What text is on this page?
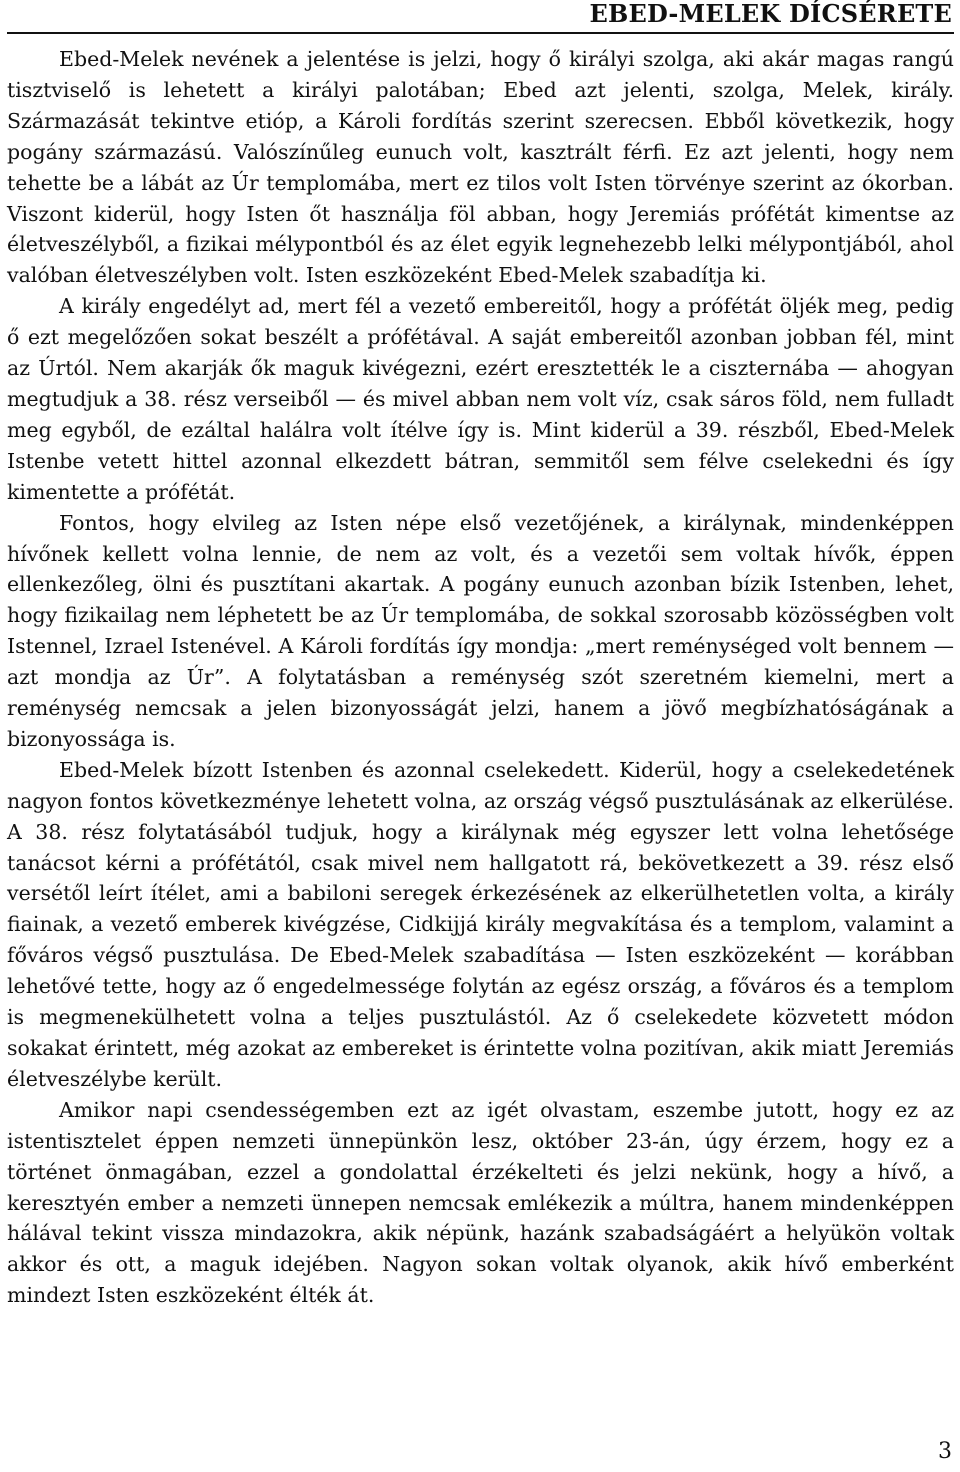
EBED-MELEK DÍCSÉRETE

Ebed-Melek nevének a jelentése is jelzi, hogy ő királyi szolga, aki akár magas rangú tisztviselő is lehetett a királyi palotában; Ebed azt jelenti, szolga, Melek, király. Származását tekintve etióp, a Károli fordítás szerint szerecsen. Ebből következik, hogy pogány származású. Valószínűleg eunuch volt, kasztrált férfi. Ez azt jelenti, hogy nem tehette be a lábát az Úr templomába, mert ez tilos volt Isten törvénye szerint az ókorban. Viszont kiderül, hogy Isten őt használja föl abban, hogy Jeremiás prófétát kimentse az életveszélyből, a fizikai mélypontból és az élet egyik legnehezebb lelki mélypontjából, ahol valóban életveszélyben volt. Isten eszközeként Ebed-Melek szabadítja ki.

A király engedélyt ad, mert fél a vezető embereitől, hogy a prófétát öljék meg, pedig ő ezt megelőzően sokat beszélt a prófétával. A saját embereitől azonban jobban fél, mint az Úrtól. Nem akarják ők maguk kivégezni, ezért eresztették le a ciszternába — ahogyan megtudjuk a 38. rész verseiből — és mivel abban nem volt víz, csak sáros föld, nem fulladt meg egyből, de ezáltal halálra volt ítélve így is. Mint kiderül a 39. részből, Ebed-Melek Istenbe vetett hittel azonnal elkezdett bátran, semmitől sem félve cselekedni és így kimentette a prófétát.

Fontos, hogy elvileg az Isten népe első vezetőjének, a királynak, mindenképpen hívőnek kellett volna lennie, de nem az volt, és a vezetői sem voltak hívők, éppen ellenkezőleg, ölni és pusztítani akartak. A pogány eunuch azonban bízik Istenben, lehet, hogy fizikailag nem léphetett be az Úr templomába, de sokkal szorosabb közösségben volt Istennel, Izrael Istenével. A Károli fordítás így mondja: „mert reménységed volt bennem — azt mondja az Úr”. A folytatásban a reménység szót szeretném kiemelni, mert a reménység nemcsak a jelen bizonyosságát jelzi, hanem a jövő megbízhatóságának a bizonyossága is.

Ebed-Melek bízott Istenben és azonnal cselekedett. Kiderül, hogy a cselekedetének nagyon fontos következménye lehetett volna, az ország végső pusztulásának az elkerülése. A 38. rész folytatásából tudjuk, hogy a királynak még egyszer lett volna lehetősége tanácsot kérni a prófétától, csak mivel nem hallgatott rá, bekövetkezett a 39. rész első versétől leírt ítélet, ami a babiloni seregek érkezésének az elkerülhetetlen volta, a király fiainak, a vezető emberek kivégzése, Cidkijjá király megvakítása és a templom, valamint a főváros végső pusztulása. De Ebed-Melek szabadítása — Isten eszközeként — korábban lehetővé tette, hogy az ő engedelmessége folytán az egész ország, a főváros és a templom is megmenekülhetett volna a teljes pusztulástól. Az ő cselekedete közvetett módon sokakat érintett, még azokat az embereket is érintette volna pozitívan, akik miatt Jeremiás életveszélybe került.

Amikor napi csendességemben ezt az igét olvastam, eszembe jutott, hogy ez az istentisztelet éppen nemzeti ünnepünkön lesz, október 23-án, úgy érzem, hogy ez a történet önmagában, ezzel a gondolattal érzékelteti és jelzi nekünk, hogy a hívő, a keresztyén ember a nemzeti ünnepen nemcsak emlékezik a múltra, hanem mindenképpen hálával tekint vissza mindazokra, akik népünk, hazánk szabadságáért a helyükön voltak akkor és ott, a maguk idejében. Nagyon sokan voltak olyanok, akik hívő emberként mindezt Isten eszközeként élték át.

3
